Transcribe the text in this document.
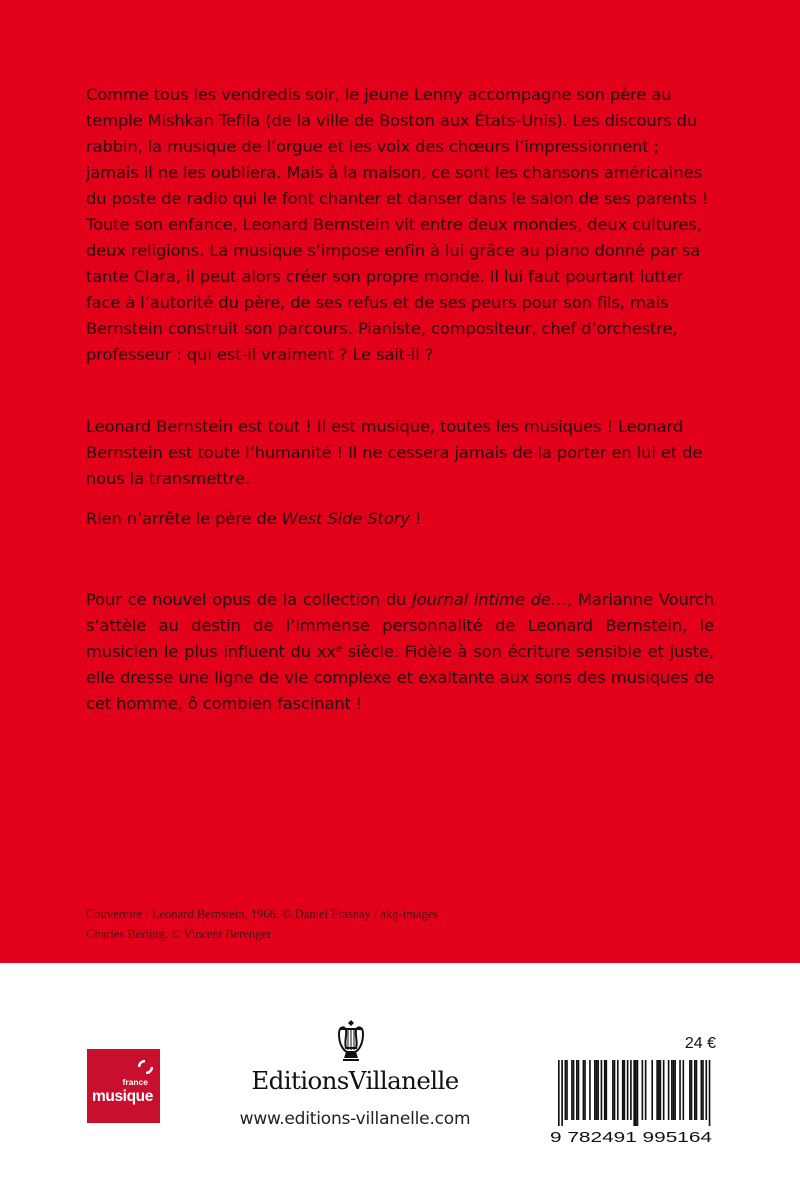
Comme tous les vendredis soir, le jeune Lenny accompagne son père au temple Mishkan Tefila (de la ville de Boston aux États-Unis). Les discours du rabbin, la musique de l’orgue et les voix des chœurs l’impressionnent ; jamais il ne les oubliera. Mais à la maison, ce sont les chansons américaines du poste de radio qui le font chanter et danser dans le salon de ses parents ! Toute son enfance, Leonard Bernstein vit entre deux mondes, deux cultures, deux religions. La musique s’impose enfin à lui grâce au piano donné par sa tante Clara, il peut alors créer son propre monde. Il lui faut pourtant lutter face à l’autorité du père, de ses refus et de ses peurs pour son fils, mais Bernstein construit son parcours. Pianiste, compositeur, chef d’orchestre, professeur : qui est-il vraiment ? Le sait-il ?

Leonard Bernstein est tout ! Il est musique, toutes les musiques ! Leonard Bernstein est toute l’humanité ! Il ne cessera jamais de la porter en lui et de nous la transmettre.

Rien n’arrête le père de West Side Story !

Pour ce nouvel opus de la collection du Journal intime de…, Marianne Vourch s’attèle au destin de l’immense personnalité de Leonard Bernstein, le musicien le plus influent du $xx^e$ siècle. Fidèle à son écriture sensible et juste, elle dresse une ligne de vie complexe et exaltante aux sons des musiques de cet homme, ô combien fascinant !

Couverture : Leonard Bernstein, 1966. © Daniel Frasnay / akg-images
Charles Berling. © Vincent Berenger
france
musique
EditionsVillanelle
www.editions-villanelle.com
24 €
9 782491 995164
